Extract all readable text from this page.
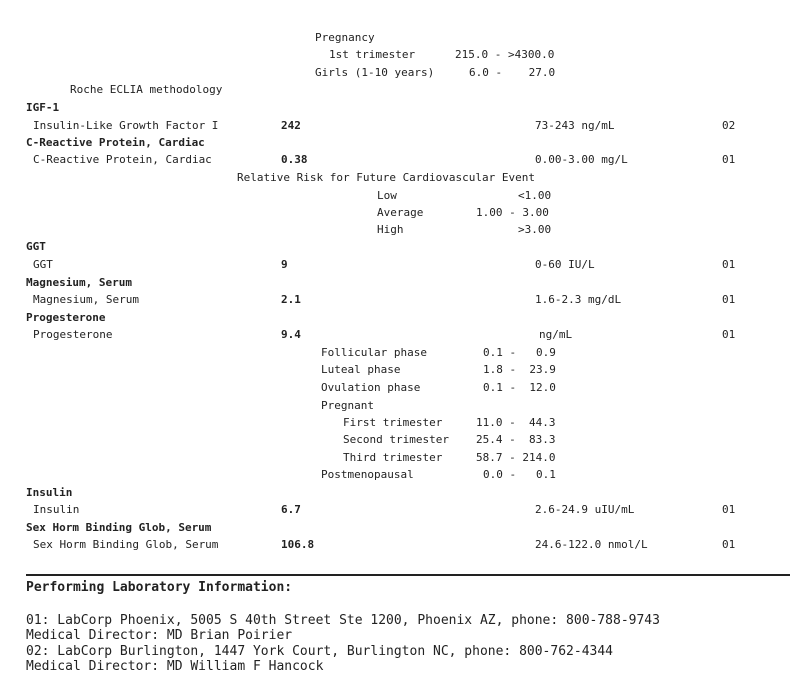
Pregnancy
1st trimester	215.0 - >4300.0
Girls (1-10 years)	6.0 -    27.0
Roche ECLIA methodology
IGF-1
Insulin-Like Growth Factor I	242	73-243 ng/mL	02
C-Reactive Protein, Cardiac
C-Reactive Protein, Cardiac	0.38	0.00-3.00 mg/L	01
Relative Risk for Future Cardiovascular Event
Low	<1.00
Average	1.00 - 3.00
High	>3.00
GGT
GGT	9	0-60 IU/L	01
Magnesium, Serum
Magnesium, Serum	2.1	1.6-2.3 mg/dL	01
Progesterone
Progesterone	9.4	ng/mL	01
Follicular phase	0.1 -   0.9
Luteal phase	1.8 -  23.9
Ovulation phase	0.1 -  12.0
Pregnant
First trimester	11.0 -  44.3
Second trimester 25.4 -  83.3
Third trimester	58.7 - 214.0
Postmenopausal	0.0 -   0.1
Insulin
Insulin	6.7	2.6-24.9 uIU/mL	01
Sex Horm Binding Glob, Serum
Sex Horm Binding Glob, Serum	106.8	24.6-122.0 nmol/L	01
Performing Laboratory Information:
01: LabCorp Phoenix, 5005 S 40th Street Ste 1200, Phoenix AZ, phone: 800-788-9743
Medical Director: MD Brian Poirier
02: LabCorp Burlington, 1447 York Court, Burlington NC, phone: 800-762-4344
Medical Director: MD William F Hancock
